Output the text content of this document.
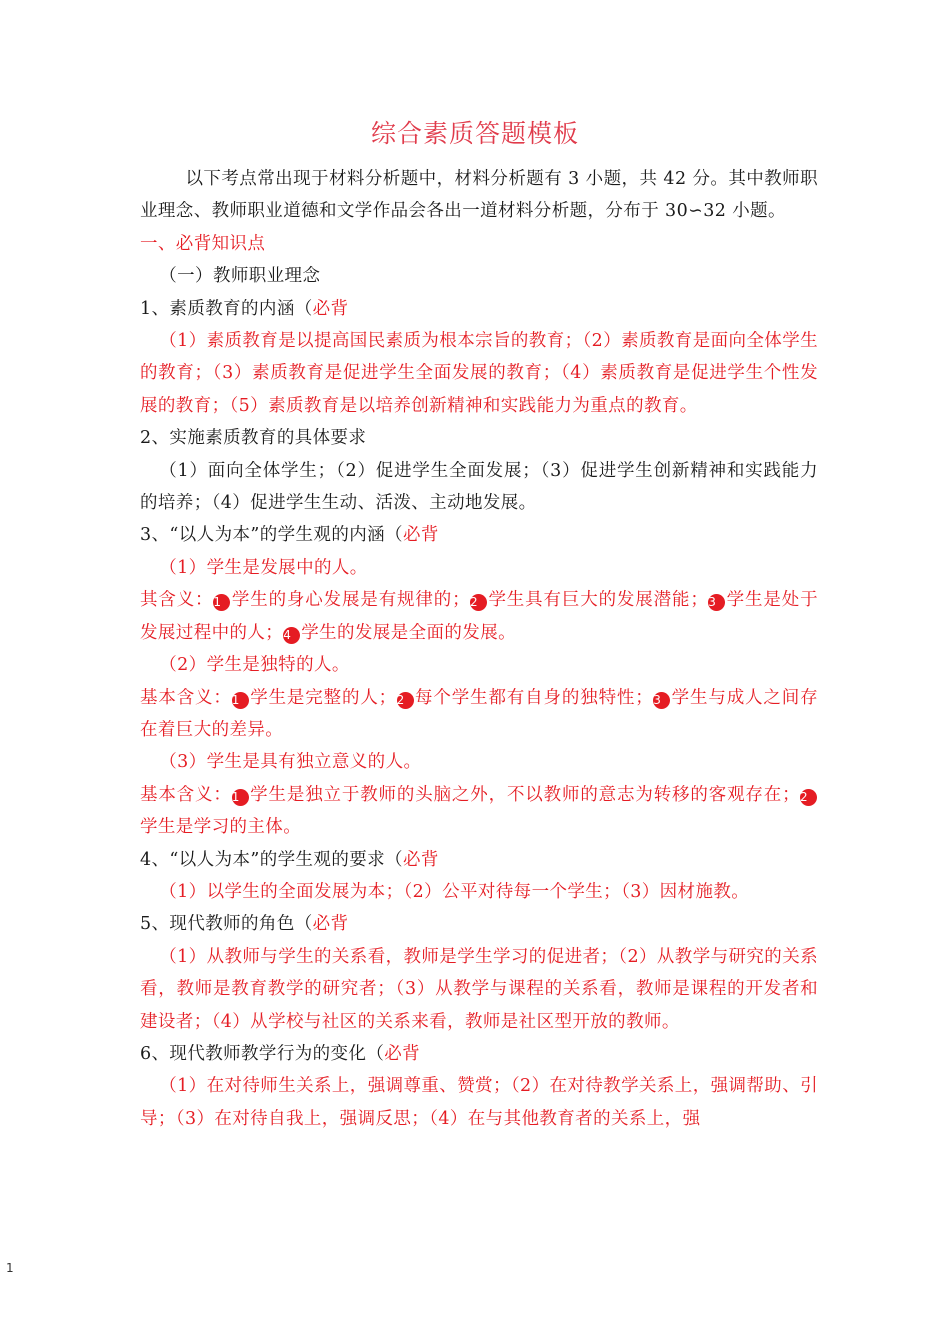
综合素质答题模板

以下考点常出现于材料分析题中，材料分析题有 3 小题，共 42 分。其中教师职业理念、教师职业道德和文学作品会各出一道材料分析题，分布于 30∽32 小题。

一、必背知识点

（一）教师职业理念

1、素质教育的内涵（必背

（1）素质教育是以提高国民素质为根本宗旨的教育；（2）素质教育是面向全体学生的教育；（3）素质教育是促进学生全面发展的教育；（4）素质教育是促进学生个性发展的教育；（5）素质教育是以培养创新精神和实践能力为重点的教育。

2、实施素质教育的具体要求

（1）面向全体学生；（2）促进学生全面发展；（3）促进学生创新精神和实践能力的培养；（4）促进学生生动、活泼、主动地发展。

3、“以人为本”的学生观的内涵（必背

（1）学生是发展中的人。

其含义：1 学生的身心发展是有规律的；2 学生具有巨大的发展潜能；3 学生是处于发展过程中的人；4 学生的发展是全面的发展。

（2）学生是独特的人。

基本含义：1 学生是完整的人；2 每个学生都有自身的独特性；3 学生与成人之间存在着巨大的差异。

（3）学生是具有独立意义的人。

基本含义：1 学生是独立于教师的头脑之外，不以教师的意志为转移的客观存在；2学生是学习的主体。

4、“以人为本”的学生观的要求（必背

（1）以学生的全面发展为本；（2）公平对待每一个学生；（3）因材施教。

5、现代教师的角色（必背

（1）从教师与学生的关系看，教师是学生学习的促进者；（2）从教学与研究的关系看，教师是教育教学的研究者；（3）从教学与课程的关系看，教师是课程的开发者和建设者；（4）从学校与社区的关系来看，教师是社区型开放的教师。

6、现代教师教学行为的变化（必背

（1）在对待师生关系上，强调尊重、赞赏；（2）在对待教学关系上，强调帮助、引导；（3）在对待自我上，强调反思；（4）在与其他教育者的关系上，强

1
